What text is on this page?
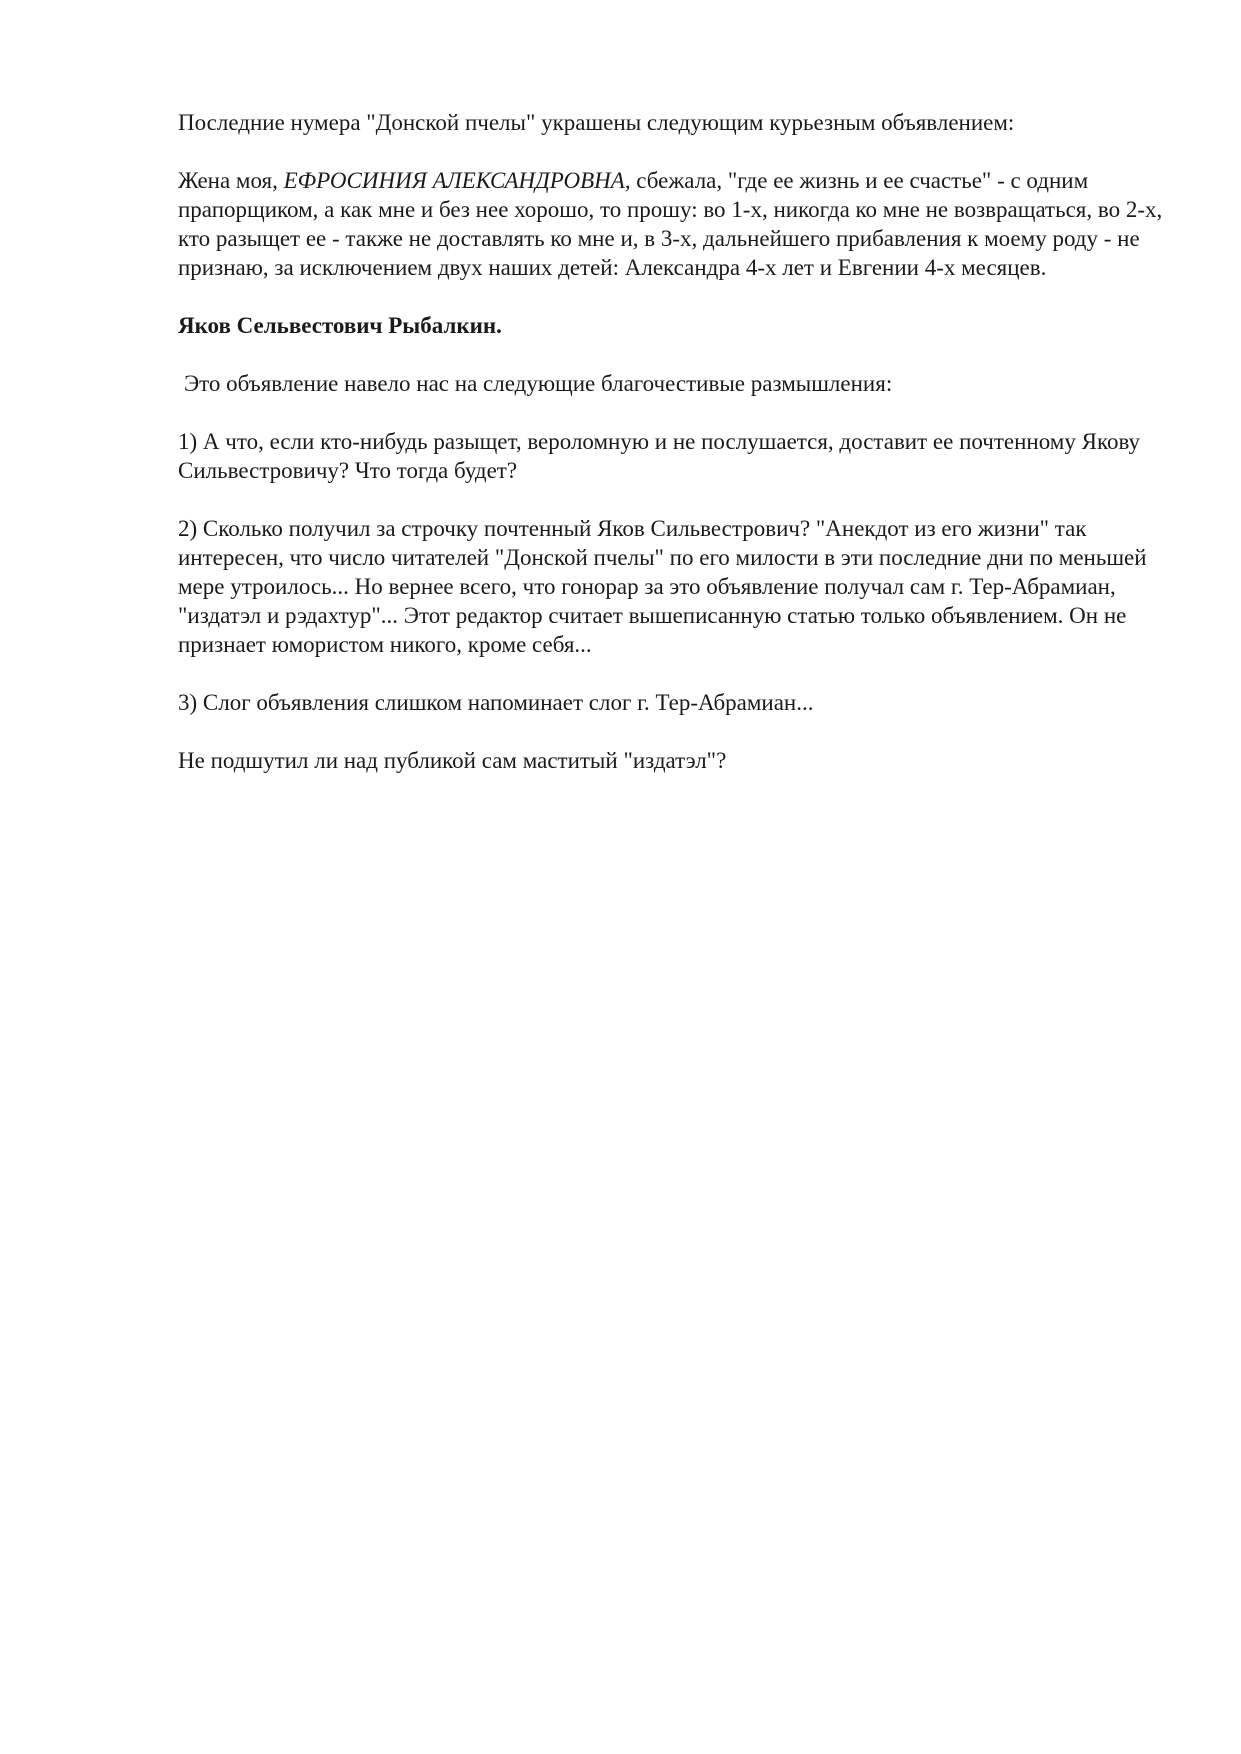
Последние нумера "Донской пчелы" украшены следующим курьезным объявлением:

Жена моя, ЕФРОСИНИЯ АЛЕКСАНДРОВНА, сбежала, "где ее жизнь и ее счастье" - с одним прапорщиком, а как мне и без нее хорошо, то прошу: во 1-х, никогда ко мне не возвращаться, во 2-х, кто разыщет ее - также не доставлять ко мне и, в 3-х, дальнейшего прибавления к моему роду - не признаю, за исключением двух наших детей: Александра 4-х лет и Евгении 4-х месяцев.

Яков Сельвестович Рыбалкин.

Это объявление навело нас на следующие благочестивые размышления:

1) А что, если кто-нибудь разыщет, вероломную и не послушается, доставит ее почтенному Якову Сильвестровичу? Что тогда будет?

2) Сколько получил за строчку почтенный Яков Сильвестрович? "Анекдот из его жизни" так интересен, что число читателей "Донской пчелы" по его милости в эти последние дни по меньшей мере утроилось... Но вернее всего, что гонорар за это объявление получал сам г. Тер-Абрамиан, "издатэл и рэдахтур"... Этот редактор считает вышеписанную статью только объявлением. Он не признает юмористом никого, кроме себя...

3) Слог объявления слишком напоминает слог г. Тер-Абрамиан...

Не подшутил ли над публикой сам маститый "издатэл"?
